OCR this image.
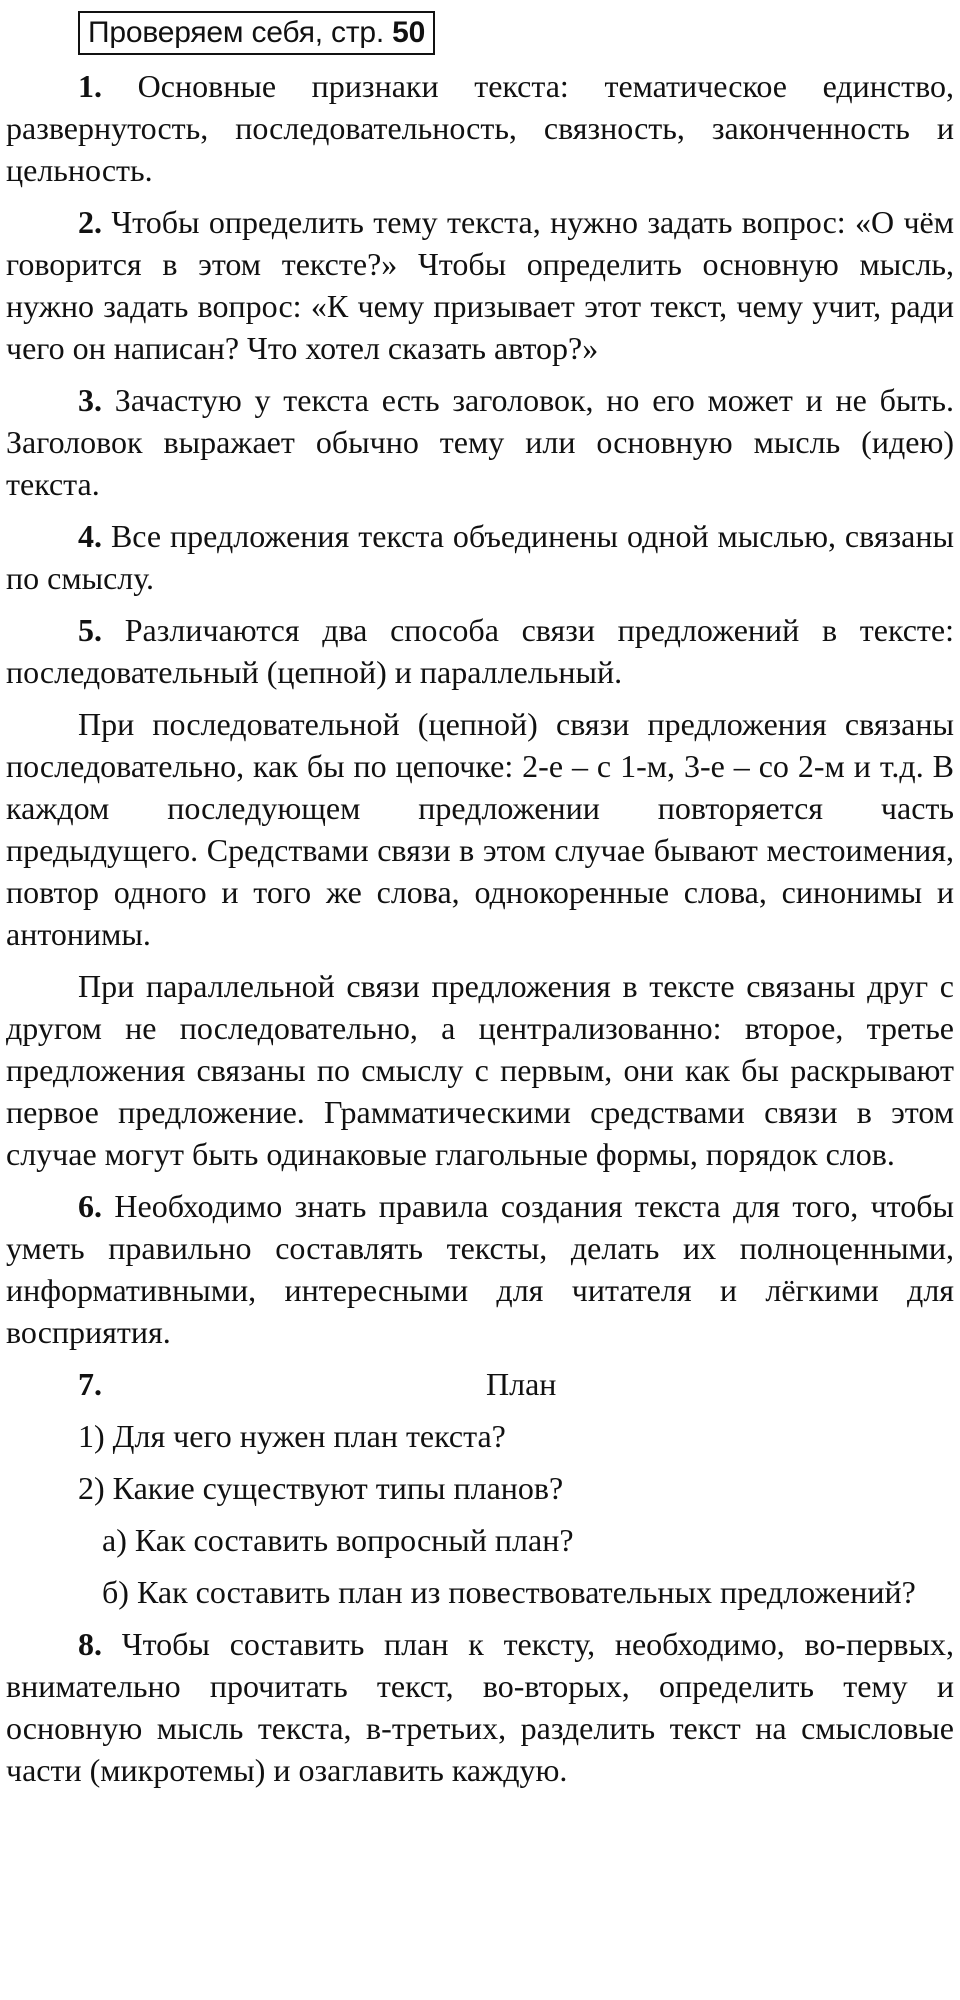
Проверяем себя, стр. 50

1. Основные признаки текста: тематическое единство, развернутость, последовательность, связность, законченность и цельность.

2. Чтобы определить тему текста, нужно задать вопрос: «О чём говорится в этом тексте?» Чтобы определить основную мысль, нужно задать вопрос: «К чему призывает этот текст, чему учит, ради чего он написан? Что хотел сказать автор?»

3. Зачастую у текста есть заголовок, но его может и не быть. Заголовок выражает обычно тему или основную мысль (идею) текста.

4. Все предложения текста объединены одной мыслью, связаны по смыслу.

5. Различаются два способа связи предложений в тексте: последовательный (цепной) и параллельный.

При последовательной (цепной) связи предложения связаны последовательно, как бы по цепочке: 2-е – с 1-м, 3-е – со 2-м и т.д. В каждом последующем предложении повторяется часть предыдущего. Средствами связи в этом случае бывают местоимения, повтор одного и того же слова, однокоренные слова, синонимы и антонимы.

При параллельной связи предложения в тексте связаны друг с другом не последовательно, а централизованно: второе, третье предложения связаны по смыслу с первым, они как бы раскрывают первое предложение. Грамматическими средствами связи в этом случае могут быть одинаковые глагольные формы, порядок слов.

6. Необходимо знать правила создания текста для того, чтобы уметь правильно составлять тексты, делать их полноценными, информативными, интересными для читателя и лёгкими для восприятия.

7.	План

1) Для чего нужен план текста?

2) Какие существуют типы планов?

а) Как составить вопросный план?

б) Как составить план из повествовательных предложений?

8. Чтобы составить план к тексту, необходимо, во-первых, внимательно прочитать текст, во-вторых, определить тему и основную мысль текста, в-третьих, разделить текст на смысловые части (микротемы) и озаглавить каждую.
